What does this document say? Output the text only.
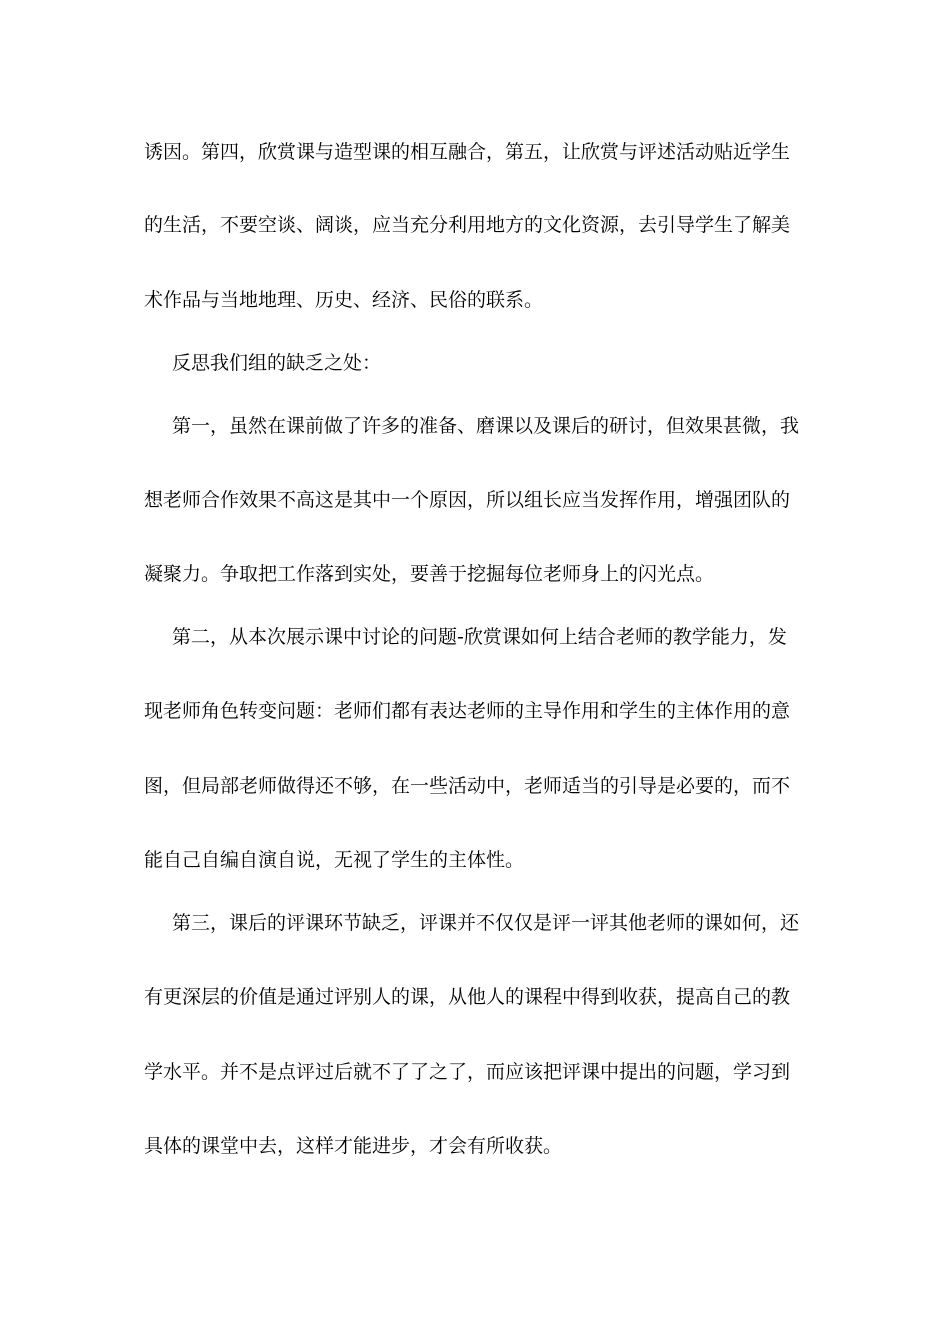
诱因。第四，欣赏课与造型课的相互融合，第五，让欣赏与评述活动贴近学生
的生活，不要空谈、阔谈，应当充分利用地方的文化资源，去引导学生了解美
术作品与当地地理、历史、经济、民俗的联系。
反思我们组的缺乏之处：
第一，虽然在课前做了许多的准备、磨课以及课后的研讨，但效果甚微，我
想老师合作效果不高这是其中一个原因，所以组长应当发挥作用，增强团队的
凝聚力。争取把工作落到实处，要善于挖掘每位老师身上的闪光点。
第二，从本次展示课中讨论的问题-欣赏课如何上结合老师的教学能力，发
现老师角色转变问题：老师们都有表达老师的主导作用和学生的主体作用的意
图，但局部老师做得还不够，在一些活动中，老师适当的引导是必要的，而不
能自己自编自演自说，无视了学生的主体性。
第三，课后的评课环节缺乏，评课并不仅仅是评一评其他老师的课如何，还
有更深层的价值是通过评别人的课，从他人的课程中得到收获，提高自己的教
学水平。并不是点评过后就不了了之了，而应该把评课中提出的问题，学习到
具体的课堂中去，这样才能进步，才会有所收获。
